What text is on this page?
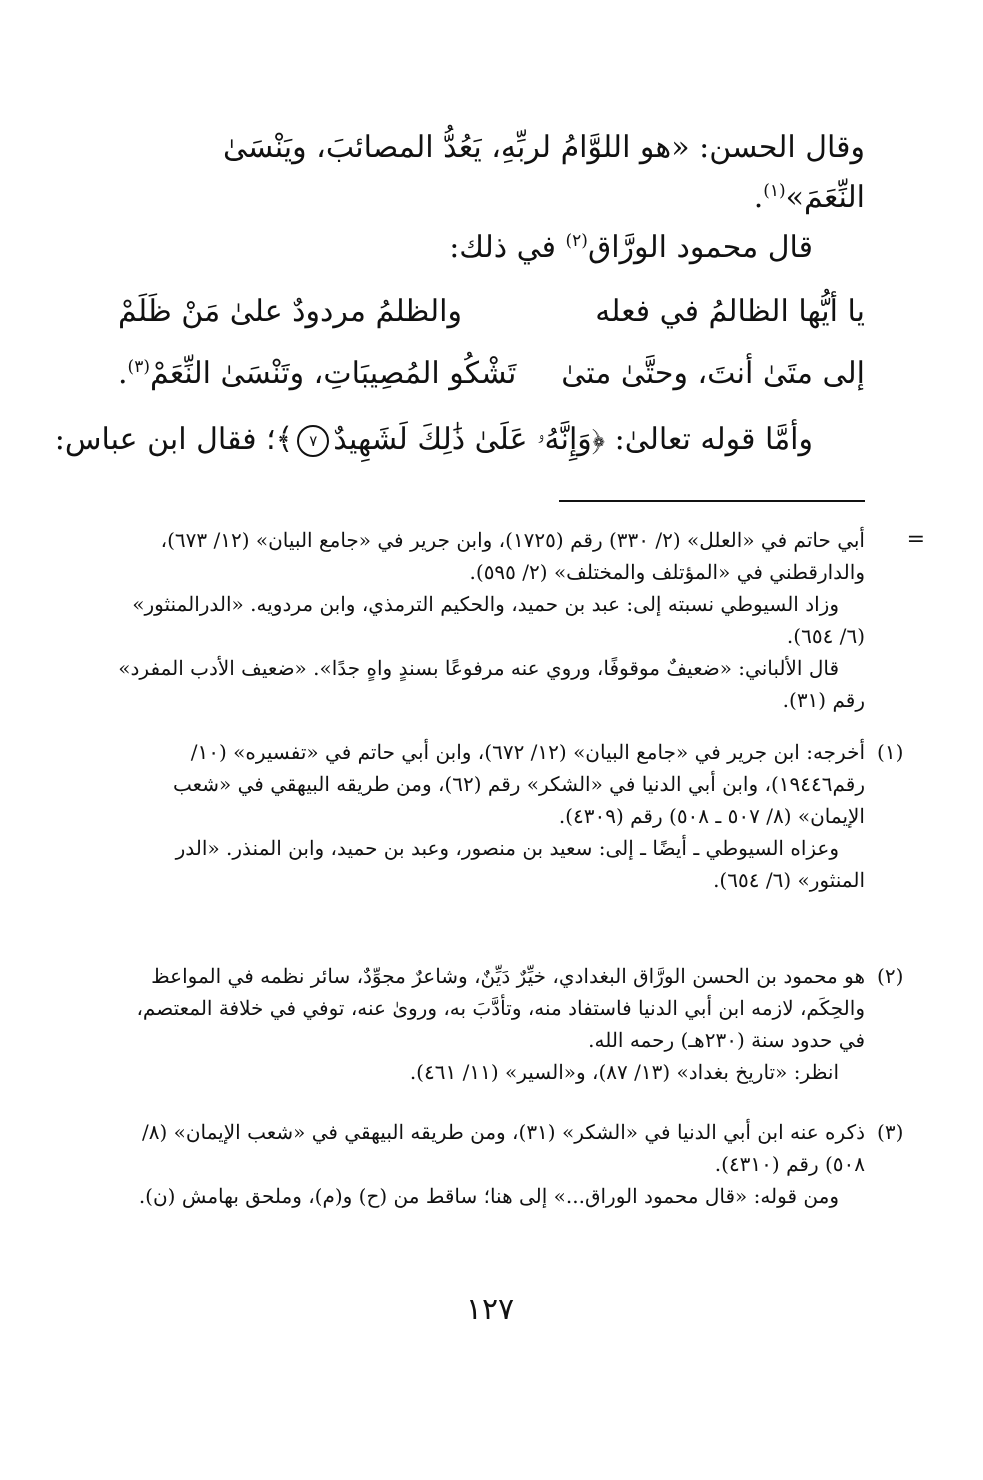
وقال الحسن: «هو اللوَّامُ لربِّهِ، يَعُدُّ المصائبَ، ويَنْسَىٰ
النِّعَمَ»$^{(١)}$.
قال محمود الورَّاق$^{(٢)}$ في ذلك:
يا أيُّها الظالمُ في فعله
والظلمُ مردودٌ علىٰ مَنْ ظَلَمْ
إلى متَىٰ أنتَ، وحتَّىٰ متىٰ
تَشْكُو المُصِيبَاتِ، وتَنْسَىٰ النِّعَمْ$^{(٣)}$.
وأمَّا قوله تعالىٰ: ﴿وَإِنَّهُۥ عَلَىٰ ذَٰلِكَ لَشَهِيدٌ٧﴾؛ فقال ابن عباس:
=

أبي حاتم في «العلل» (٢/ ٣٣٠) رقم (١٧٢٥)، وابن جرير في «جامع البيان» (١٢/ ٦٧٣)، والدارقطني في «المؤتلف والمختلف» (٢/ ٥٩٥).

وزاد السيوطي نسبته إلى: عبد بن حميد، والحكيم الترمذي، وابن مردويه. «الدرالمنثور» (٦/ ٦٥٤).

قال الألباني: «ضعيفٌ موقوفًا، وروي عنه مرفوعًا بسندٍ واهٍ جدًا». «ضعيف الأدب المفرد» رقم (٣١).

(١)

أخرجه: ابن جرير في «جامع البيان» (١٢/ ٦٧٢)، وابن أبي حاتم في «تفسيره» (١٠/ رقم١٩٤٤٦)، وابن أبي الدنيا في «الشكر» رقم (٦٢)، ومن طريقه البيهقي في «شعب الإيمان» (٨/ ٥٠٧ ـ ٥٠٨) رقم (٤٣٠٩).

وعزاه السيوطي ـ أيضًا ـ إلى: سعيد بن منصور، وعبد بن حميد، وابن المنذر. «الدر المنثور» (٦/ ٦٥٤).

(٢)

هو محمود بن الحسن الورَّاق البغدادي، خيِّرٌ دَيِّنٌ، وشاعرٌ مجوِّدٌ، سائر نظمه في المواعظ والحِكَم، لازمه ابن أبي الدنيا فاستفاد منه، وتأدَّبَ به، وروىٰ عنه، توفي في خلافة المعتصم، في حدود سنة (٢٣٠هـ) رحمه الله.

انظر: «تاريخ بغداد» (١٣/ ٨٧)، و«السير» (١١/ ٤٦١).

(٣)

ذكره عنه ابن أبي الدنيا في «الشكر» (٣١)، ومن طريقه البيهقي في «شعب الإيمان» (٨/ ٥٠٨) رقم (٤٣١٠).

ومن قوله: «قال محمود الوراق...» إلى هنا؛ ساقط من (ح) و(م)، وملحق بهامش (ن).

١٢٧
